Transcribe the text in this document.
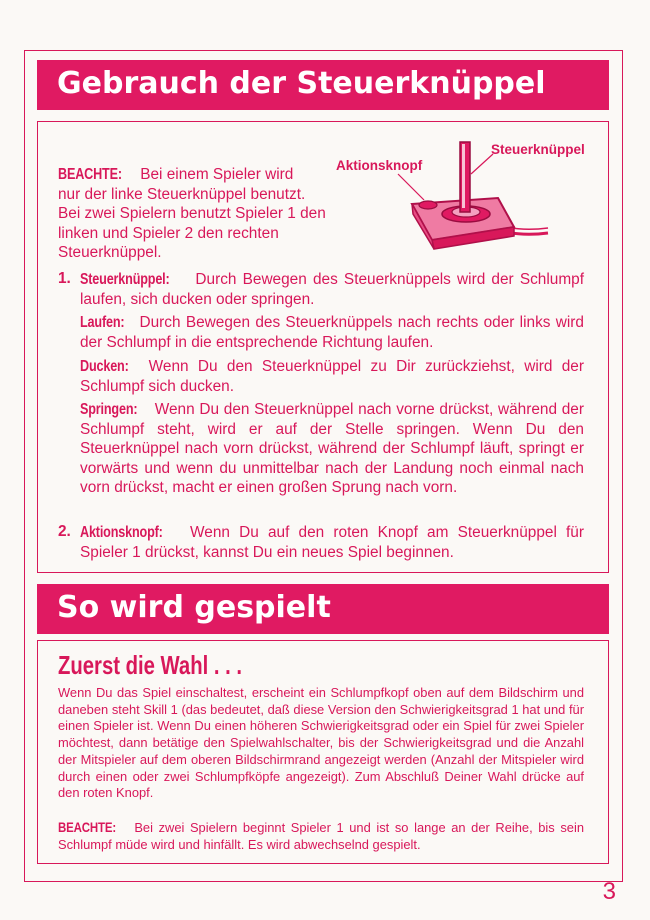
Gebrauch der Steuerknüppel
Aktionsknopf
Steuerknüppel
BEACHTE: Bei einem Spieler wird
nur der linke Steuerknüppel benutzt.
Bei zwei Spielern benutzt Spieler 1 den
linken und Spieler 2 den rechten
Steuerknüppel.
1. Steuerknüppel: Durch Bewegen des Steuerknüppels wird der Schlumpf laufen, sich ducken oder springen.
Laufen: Durch Bewegen des Steuerknüppels nach rechts oder links wird der Schlumpf in die entsprechende Richtung laufen.
Ducken: Wenn Du den Steuerknüppel zu Dir zurückziehst, wird der Schlumpf sich ducken.
Springen: Wenn Du den Steuerknüppel nach vorne drückst, während der Schlumpf steht, wird er auf der Stelle springen. Wenn Du den Steuerknüppel nach vorn drückst, während der Schlumpf läuft, springt er vorwärts und wenn du unmittelbar nach der Landung noch einmal nach vorn drückst, macht er einen großen Sprung nach vorn.
2. Aktionsknopf: Wenn Du auf den roten Knopf am Steuerknüppel für Spieler 1 drückst, kannst Du ein neues Spiel beginnen.
So wird gespielt
Zuerst die Wahl . . .
Wenn Du das Spiel einschaltest, erscheint ein Schlumpfkopf oben auf dem Bildschirm und daneben steht Skill 1 (das bedeutet, daß diese Version den Schwierigkeitsgrad 1 hat und für einen Spieler ist. Wenn Du einen höheren Schwierigkeitsgrad oder ein Spiel für zwei Spieler möchtest, dann betätige den Spielwahlschalter, bis der Schwierigkeitsgrad und die Anzahl der Mitspieler auf dem oberen Bildschirmrand angezeigt werden (Anzahl der Mitspieler wird durch einen oder zwei Schlumpfköpfe angezeigt). Zum Abschluß Deiner Wahl drücke auf den roten Knopf.
BEACHTE: Bei zwei Spielern beginnt Spieler 1 und ist so lange an der Reihe, bis sein Schlumpf müde wird und hinfällt. Es wird abwechselnd gespielt.
3
